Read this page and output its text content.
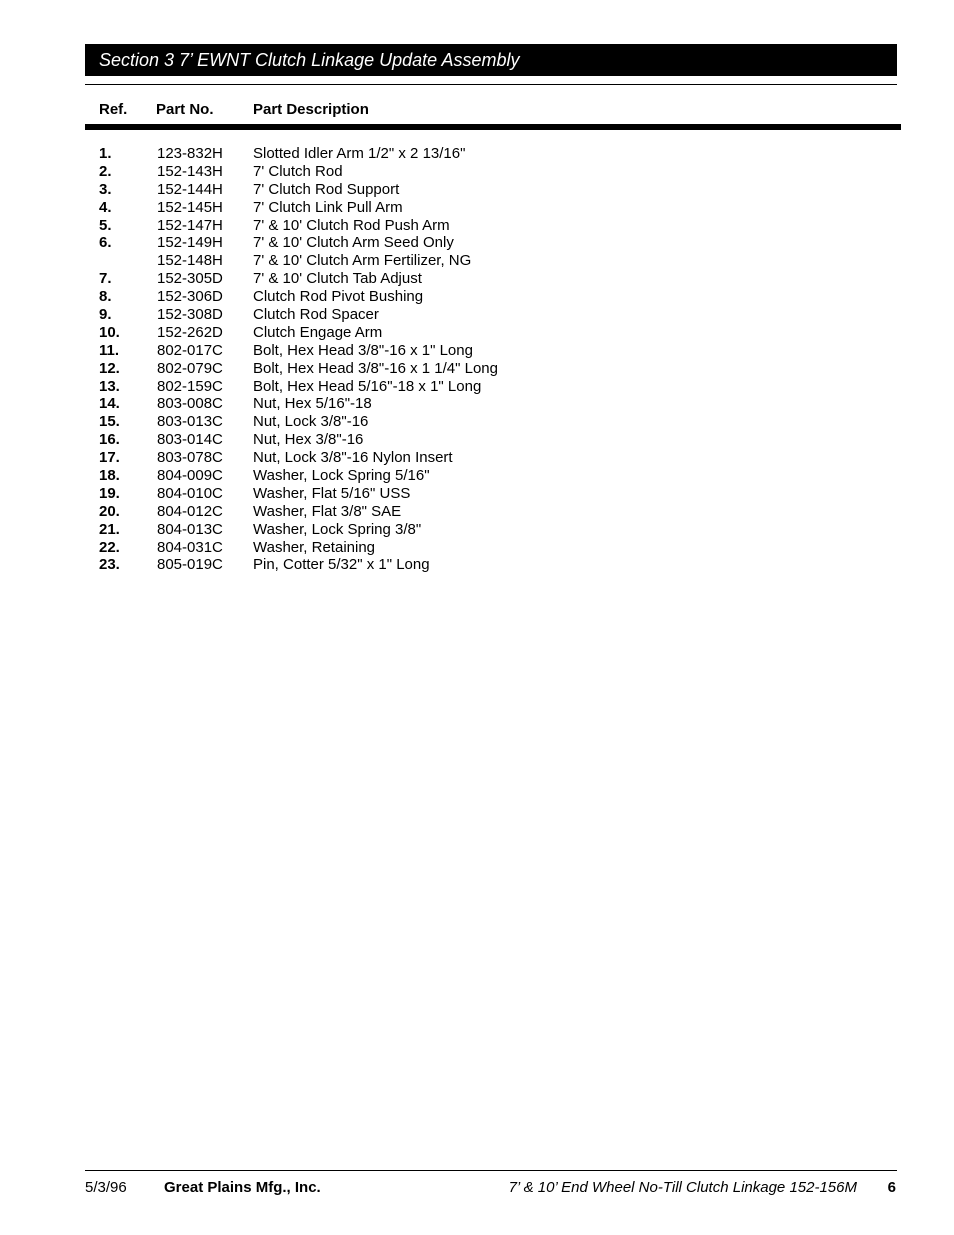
Section 3 7’ EWNT Clutch Linkage Update Assembly
Ref. Part No.	Part Description
1.	123-832H Slotted Idler Arm 1/2" x 2 13/16"
2.	152-143H 7' Clutch Rod
3.	152-144H 7' Clutch Rod Support
4.	152-145H 7' Clutch Link Pull Arm
5.	152-147H 7' & 10' Clutch Rod Push Arm
6.	152-149H 7' & 10' Clutch Arm Seed Only
152-148H 7' & 10' Clutch Arm Fertilizer, NG
7.	152-305D 7' & 10' Clutch Tab Adjust
8.	152-306D Clutch Rod Pivot Bushing
9.	152-308D Clutch Rod Spacer
10. 152-262D Clutch Engage Arm
11.	802-017C Bolt, Hex Head 3/8"-16 x 1" Long
12. 802-079C Bolt, Hex Head 3/8"-16 x 1 1/4" Long
13. 802-159C Bolt, Hex Head 5/16"-18 x 1" Long
14. 803-008C Nut, Hex 5/16"-18
15. 803-013C Nut, Lock 3/8"-16
16. 803-014C Nut, Hex 3/8"-16
17. 803-078C Nut, Lock 3/8"-16 Nylon Insert
18. 804-009C Washer, Lock Spring 5/16"
19. 804-010C Washer, Flat 5/16" USS
20. 804-012C Washer, Flat 3/8" SAE
21. 804-013C Washer, Lock Spring 3/8"
22. 804-031C Washer, Retaining
23. 805-019C Pin, Cotter 5/32" x 1" Long
5/3/96 Great Plains Mfg., Inc.	7’ & 10’ End Wheel No-Till Clutch Linkage 152-156M 6
